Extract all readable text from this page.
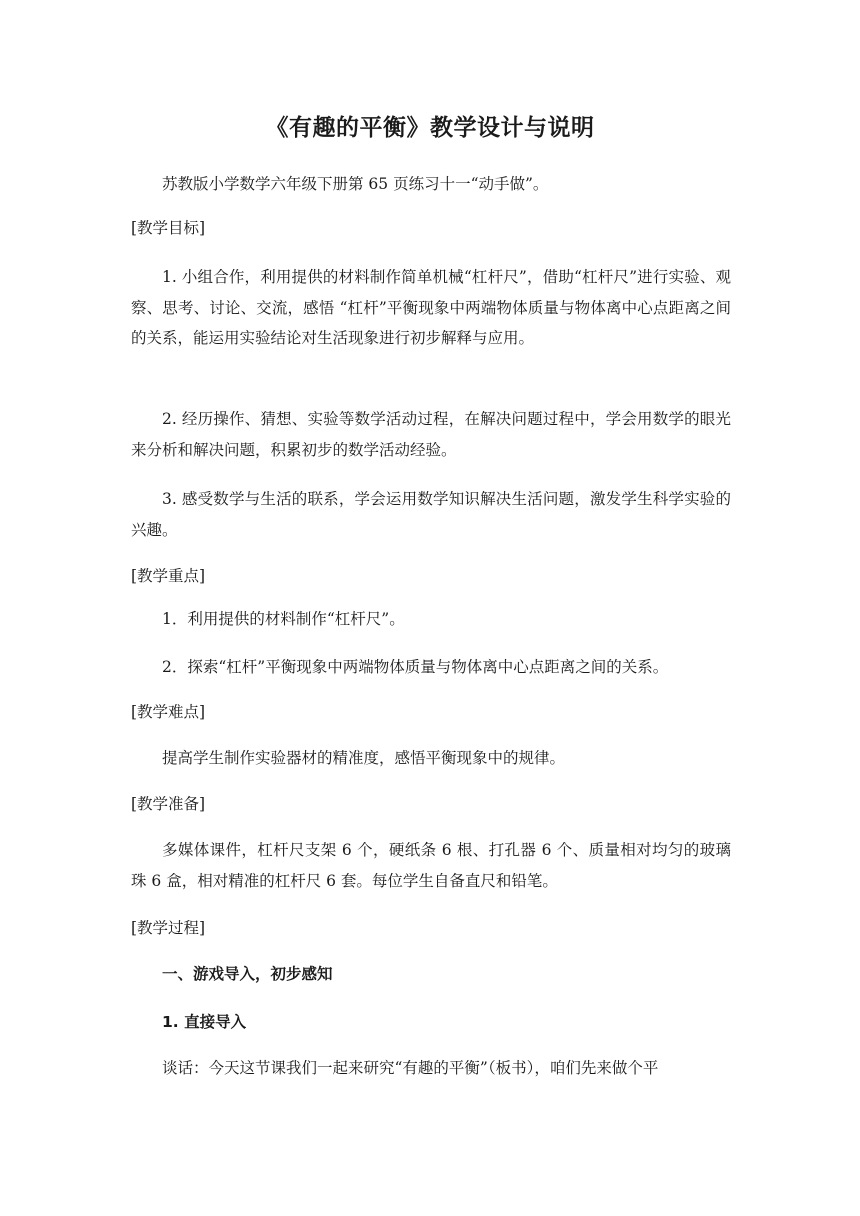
《有趣的平衡》教学设计与说明
苏教版小学数学六年级下册第 65 页练习十一“动手做”。
[教学目标]
1. 小组合作，利用提供的材料制作简单机械“杠杆尺”，借助“杠杆尺”进行实验、观察、思考、讨论、交流，感悟 “杠杆”平衡现象中两端物体质量与物体离中心点距离之间的关系，能运用实验结论对生活现象进行初步解释与应用。
2. 经历操作、猜想、实验等数学活动过程，在解决问题过程中，学会用数学的眼光来分析和解决问题，积累初步的数学活动经验。
3. 感受数学与生活的联系，学会运用数学知识解决生活问题，激发学生科学实验的兴趣。
[教学重点]
1．利用提供的材料制作“杠杆尺”。
2．探索“杠杆”平衡现象中两端物体质量与物体离中心点距离之间的关系。
[教学难点]
提高学生制作实验器材的精准度，感悟平衡现象中的规律。
[教学准备]
多媒体课件，杠杆尺支架 6 个，硬纸条 6 根、打孔器 6 个、质量相对均匀的玻璃珠 6 盒，相对精准的杠杆尺 6 套。每位学生自备直尺和铅笔。
[教学过程]
一、游戏导入，初步感知
1. 直接导入
谈话：今天这节课我们一起来研究“有趣的平衡”（板书），咱们先来做个平
